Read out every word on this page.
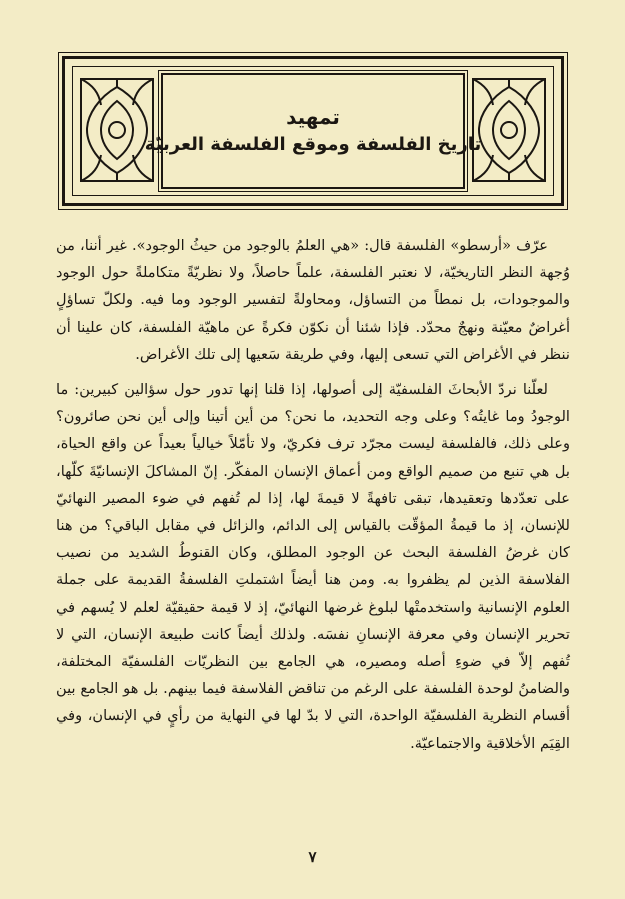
تمهيد
تاريخ الفلسفة وموقع الفلسفة العربيّة

عرّف «أرسطو» الفلسفة قال: «هي العلمُ بالوجود من حيثُ الوجود». غير أننا، من وُجهة النظر التاريخيّة، لا نعتبر الفلسفة، علماً حاصلاً، ولا نظريّةً متكاملةً حول الوجود والموجودات، بل نمطاً من التساؤل، ومحاولةً لتفسير الوجود وما فيه. ولكلّ تساؤلٍ أغراضٌ معيّنة ونهجٌ محدّد. فإذا شئنا أن نكوّن فكرةً عن ماهيّة الفلسفة، كان علينا أن ننظر في الأغراض التي تسعى إليها، وفي طريقة سَعيها إلى تلك الأغراض.

لعلّنا نردّ الأبحاثَ الفلسفيّة إلى أصولها، إذا قلنا إنها تدور حول سؤالين كبيرين: ما الوجودُ وما غايتُه؟ وعلى وجه التحديد، ما نحن؟ من أين أتينا وإلى أين نحن صائرون؟ وعلى ذلك، فالفلسفة ليست مجرّد ترف فكريّ، ولا تأمّلاً خيالياً بعيداً عن واقع الحياة، بل هي تنبع من صميم الواقع ومن أعماق الإنسان المفكّر. إنّ المشاكلَ الإنسانيّةَ كلّها، على تعدّدها وتعقيدها، تبقى تافهةً لا قيمةَ لها، إذا لم تُفهم في ضوء المصير النهائيّ للإنسان، إذ ما قيمةُ المؤقّت بالقياس إلى الدائم، والزائل في مقابل الباقي؟ من هنا كان غرضُ الفلسفة البحث عن الوجود المطلق، وكان القنوطُ الشديد من نصيب الفلاسفة الذين لم يظفروا به. ومن هنا أيضاً اشتملتِ الفلسفةُ القديمة على جملة العلوم الإنسانية واستخدمتْها لبلوغ غرضها النهائيّ، إذ لا قيمة حقيقيّة لعلم لا يُسهم في تحرير الإنسان وفي معرفة الإنسانِ نفسَه. ولذلك أيضاً كانت طبيعة الإنسان، التي لا تُفهم إلاّ في ضوءِ أصله ومصيره، هي الجامع بين النظريّات الفلسفيّة المختلفة، والضامنُ لوحدة الفلسفة على الرغم من تناقض الفلاسفة فيما بينهم. بل هو الجامع بين أقسام النظرية الفلسفيّة الواحدة، التي لا بدّ لها في النهاية من رأيٍ في الإنسان، وفي القِيَم الأخلاقية والاجتماعيّة.

٧
